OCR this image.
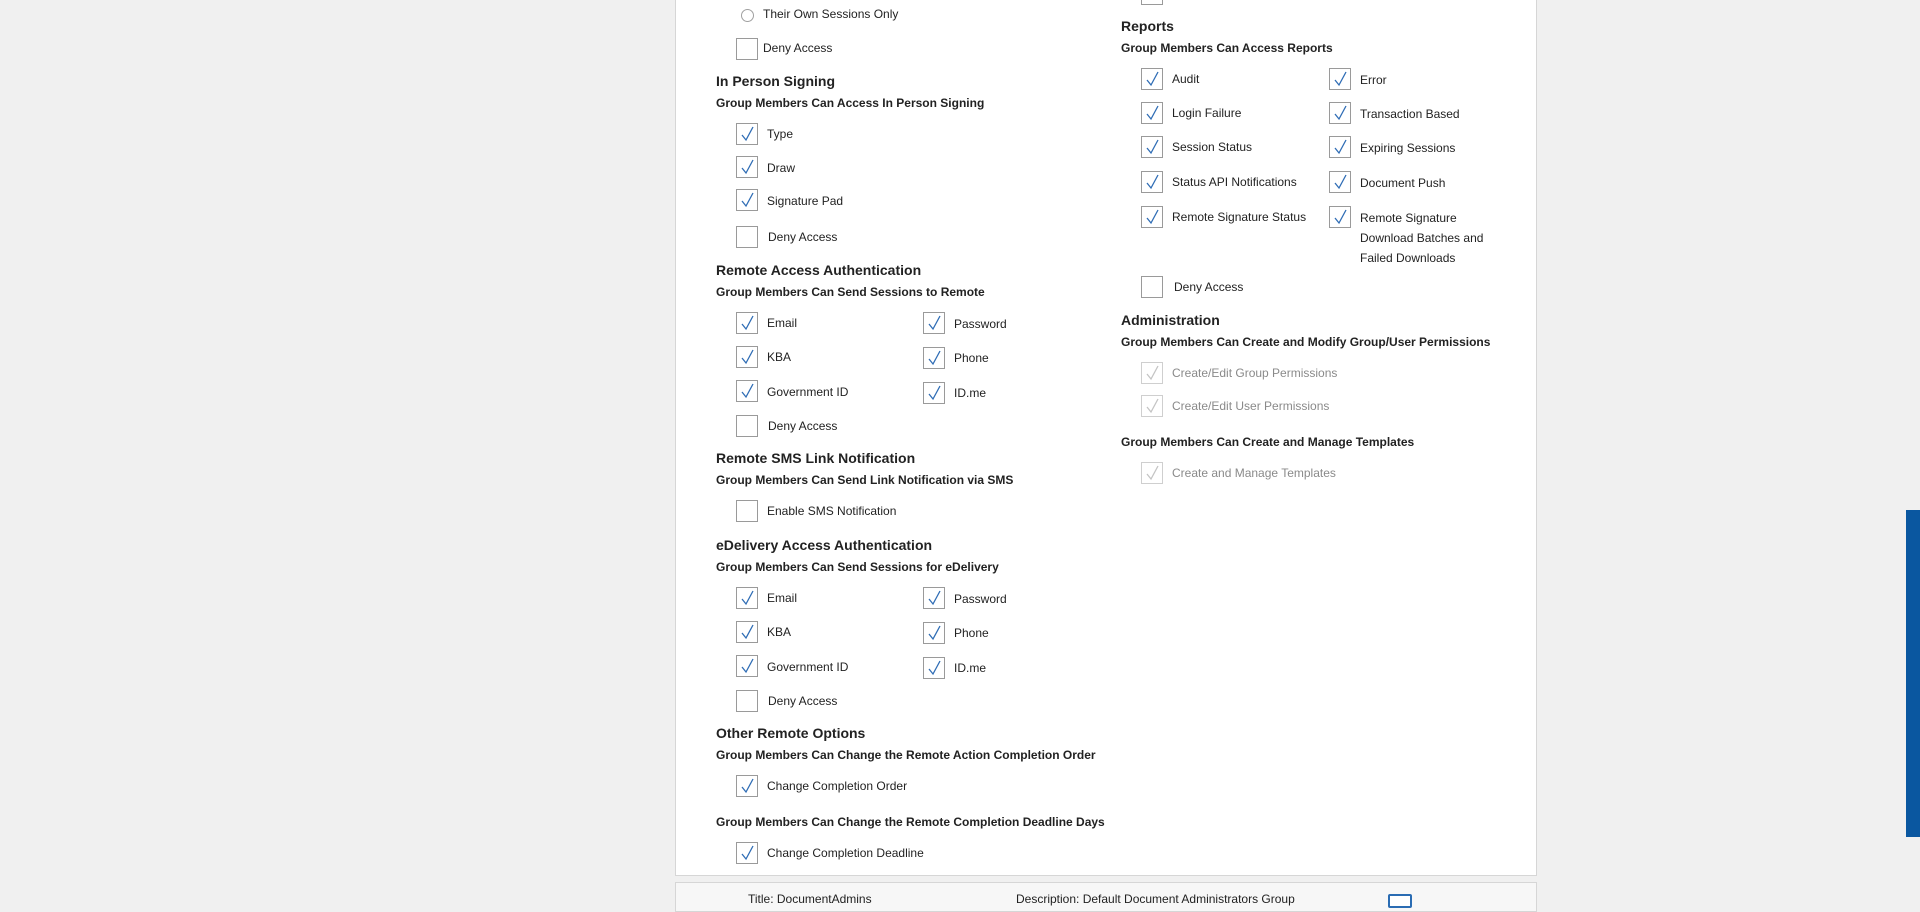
Their Own Sessions Only
Deny Access
In Person Signing
Group Members Can Access In Person Signing
Type
Draw
Signature Pad
Deny Access
Remote Access Authentication
Group Members Can Send Sessions to Remote
Email	Password
KBA	Phone
Government ID	ID.me
Deny Access
Remote SMS Link Notification
Group Members Can Send Link Notification via SMS
Enable SMS Notification
eDelivery Access Authentication
Group Members Can Send Sessions for eDelivery
Email	Password
KBA	Phone
Government ID	ID.me
Deny Access
Other Remote Options
Group Members Can Change the Remote Action Completion Order
Change Completion Order
Group Members Can Change the Remote Completion Deadline Days
Change Completion Deadline
Reports
Group Members Can Access Reports
Audit	Error
Login Failure	Transaction Based
Session Status	Expiring Sessions
Status API Notifications	Document Push
Remote Signature Status	Remote Signature
Download Batches and
Failed Downloads
Deny Access
Administration
Group Members Can Create and Modify Group/User Permissions
Create/Edit Group Permissions
Create/Edit User Permissions
Group Members Can Create and Manage Templates
Create and Manage Templates
Title: DocumentAdmins	Description: Default Document Administrators Group
